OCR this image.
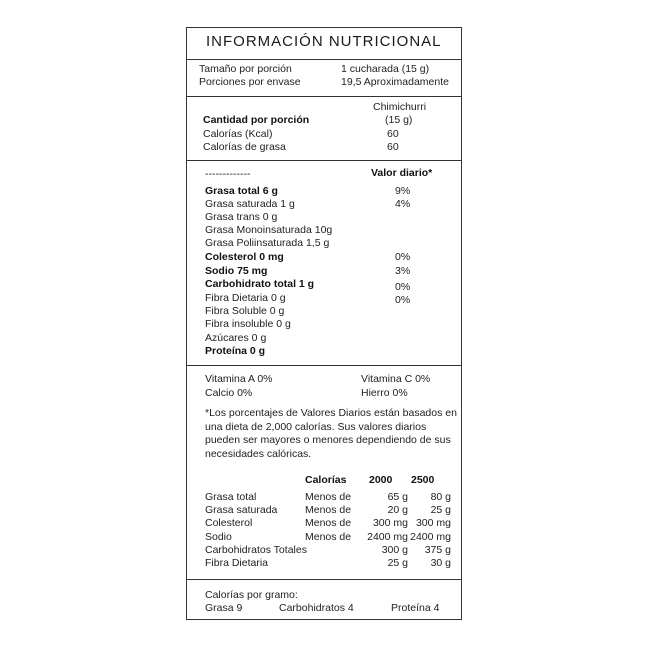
INFORMACIÓN NUTRICIONAL
Tamaño por porción	1 cucharada (15 g)
Porciones por envase	19,5 Aproximadamente
Chimichurri
(15 g)
Cantidad por porción
Calorías (Kcal)	60
Calorías de grasa	60
-------------	Valor diario*
Grasa total 6 g	9%
Grasa saturada 1 g	4%
Grasa trans 0 g
Grasa Monoinsaturada 10g
Grasa Poliinsaturada 1,5 g
Colesterol 0 mg	0%
Sodio 75 mg	3%
Carbohidrato total 1 g	0%
Fibra Dietaria 0 g	0%
Fibra Soluble 0 g
Fibra insoluble 0 g
Azúcares 0 g
Proteína 0 g
Vitamina A 0%	Vitamina C 0%
Calcio 0%	Hierro 0%
*Los porcentajes de Valores Diarios están basados en una dieta de 2,000 calorías. Sus valores diarios pueden ser mayores o menores dependiendo de sus necesidades calóricas.
Calorías 2000 2500
Grasa total	Menos de	65 g	80 g
Grasa saturada	Menos de	20 g	25 g
Colesterol	Menos de	300 mg 300 mg
Sodio	Menos de	2400 mg 2400 mg
Carbohidratos Totales	300 g	375 g
Fibra Dietaria	25 g	30 g
Calorías por gramo:
Grasa 9	Carbohidratos 4	Proteína 4
